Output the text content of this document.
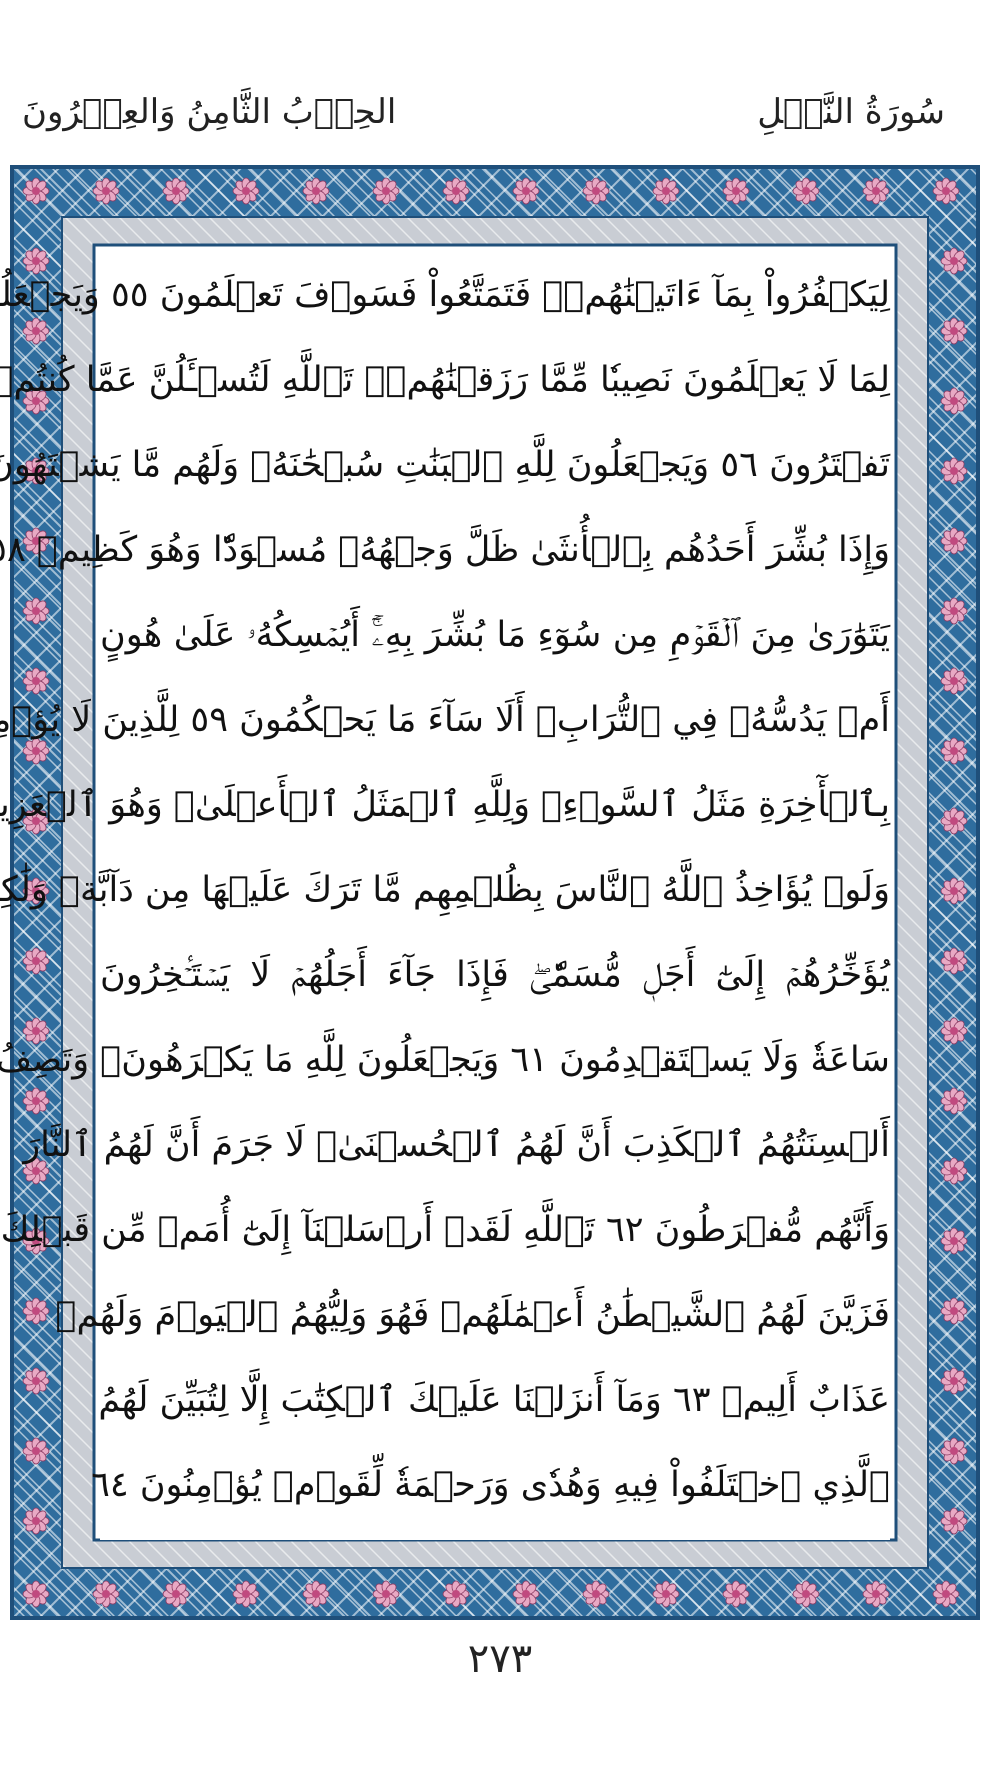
سُورَةُ النَّحۡلِ
الحِزۡبُ الثَّامِنُ وَالعِشۡرُونَ
لِيَكۡفُرُواْ بِمَآ ءَاتَيۡنَٰهُمۡۚ فَتَمَتَّعُواْ فَسَوۡفَ تَعۡلَمُونَ ٥٥ وَيَجۡعَلُ
لِمَا لَا يَعۡلَمُونَ نَصِيبٗا مِّمَّا رَزَقۡنَٰهُمۡۗ تَٱللَّهِ لَتُسۡـَٔلُنَّ عَمَّا كُنتُمۡ
تَفۡتَرُونَ ٥٦ وَيَجۡعَلُونَ لِلَّهِ ٱلۡبَنَٰتِ سُبۡحَٰنَهُۥ وَلَهُم مَّا يَشۡتَهُونَ
وَإِذَا بُشِّرَ أَحَدُهُم بِٱلۡأُنثَىٰ ظَلَّ وَجۡهُهُۥ مُسۡوَدّٗا وَهُوَ كَظِيمٞ ٨
يَتَوَٰرَىٰ مِنَ ٱلۡقَوۡمِ مِن سُوٓءِ مَا بُشِّرَ بِهِۦٓۚ أَيُمۡسِكُهُۥ عَلَىٰ هُونٍ
أَمۡ يَدُسُّهُۥ فِي ٱلتُّرَابِۗ أَلَا سَآءَ مَا يَحۡكُمُونَ ٥٩ لِلَّذِينَ لَا يُؤۡمِ
بِٱلۡأٓخِرَةِ مَثَلُ ٱلسَّوۡءِۖ وَلِلَّهِ ٱلۡمَثَلُ ٱلۡأَعۡلَىٰۚ وَهُوَ ٱلۡعَزِي
وَلَوۡ يُؤَاخِذُ ٱللَّهُ ٱلنَّاسَ بِظُلۡمِهِم مَّا تَرَكَ عَلَيۡهَا مِن دَآبَّةٖ وَلَٰكِن
يُؤَخِّرُهُمۡ إِلَىٰٓ أَجَلٖ مُّسَمّٗىۖ فَإِذَا جَآءَ أَجَلُهُمۡ لَا يَسۡتَـٔۡخِرُونَ
سَاعَةٗ وَلَا يَسۡتَقۡدِمُونَ ٦١ وَيَجۡعَلُونَ لِلَّهِ مَا يَكۡرَهُونَۚ وَتَصِفُ
أَلۡسِنَتُهُمُ ٱلۡكَذِبَ أَنَّ لَهُمُ ٱلۡحُسۡنَىٰۚ لَا جَرَمَ أَنَّ لَهُمُ ٱلنَّارَ
وَأَنَّهُم مُّفۡرَطُونَ ٦٢ تَٱللَّهِ لَقَدۡ أَرۡسَلۡنَآ إِلَىٰٓ أُمَمٖ مِّن قَبۡلِكَ
فَزَيَّنَ لَهُمُ ٱلشَّيۡطَٰنُ أَعۡمَٰلَهُمۡ فَهُوَ وَلِيُّهُمُ ٱلۡيَوۡمَ وَلَهُمۡ
عَذَابٌ أَلِيمٞ ٦٣ وَمَآ أَنزَلۡنَا عَلَيۡكَ ٱلۡكِتَٰبَ إِلَّا لِتُبَيِّنَ لَهُمُ
ٱلَّذِي ٱخۡتَلَفُواْ فِيهِ وَهُدٗى وَرَحۡمَةٗ لِّقَوۡمٖ يُؤۡمِنُونَ ٦٤
٢٧٣
